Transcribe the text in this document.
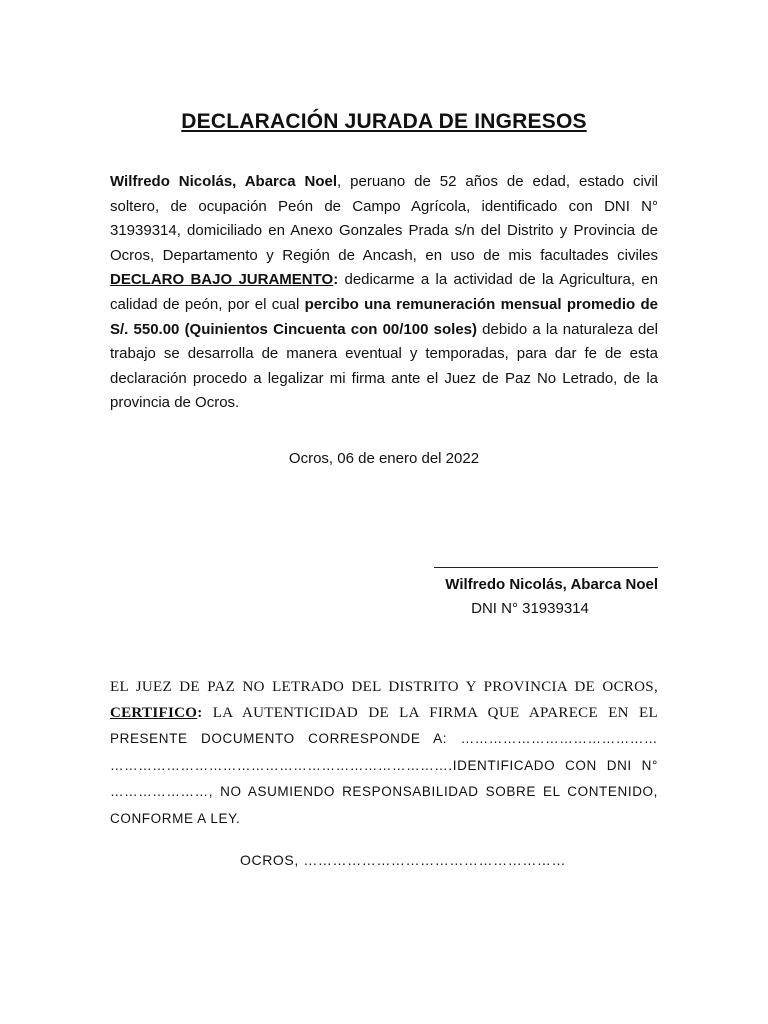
DECLARACIÓN JURADA DE INGRESOS

Wilfredo Nicolás, Abarca Noel, peruano de 52 años de edad, estado civil soltero, de ocupación Peón de Campo Agrícola, identificado con DNI N° 31939314, domiciliado en Anexo Gonzales Prada s/n del Distrito y Provincia de Ocros, Departamento y Región de Ancash, en uso de mis facultades civiles DECLARO BAJO JURAMENTO: dedicarme a la actividad de la Agricultura, en calidad de peón, por el cual percibo una remuneración mensual promedio de S/. 550.00 (Quinientos Cincuenta con 00/100 soles) debido a la naturaleza del trabajo se desarrolla de manera eventual y temporadas, para dar fe de esta declaración procedo a legalizar mi firma ante el Juez de Paz No Letrado, de la provincia de Ocros.

Ocros, 06 de enero del 2022
Wilfredo Nicolás, Abarca Noel
DNI N° 31939314

EL JUEZ DE PAZ NO LETRADO DEL DISTRITO Y PROVINCIA DE OCROS, CERTIFICO: LA AUTENTICIDAD DE LA FIRMA QUE APARECE EN EL PRESENTE DOCUMENTO CORRESPONDE A: …………………………………… ……………………………………………………………….IDENTIFICADO CON DNI N° …………………, NO ASUMIENDO RESPONSABILIDAD SOBRE EL CONTENIDO, CONFORME A LEY.

OCROS, ………………………………………………
